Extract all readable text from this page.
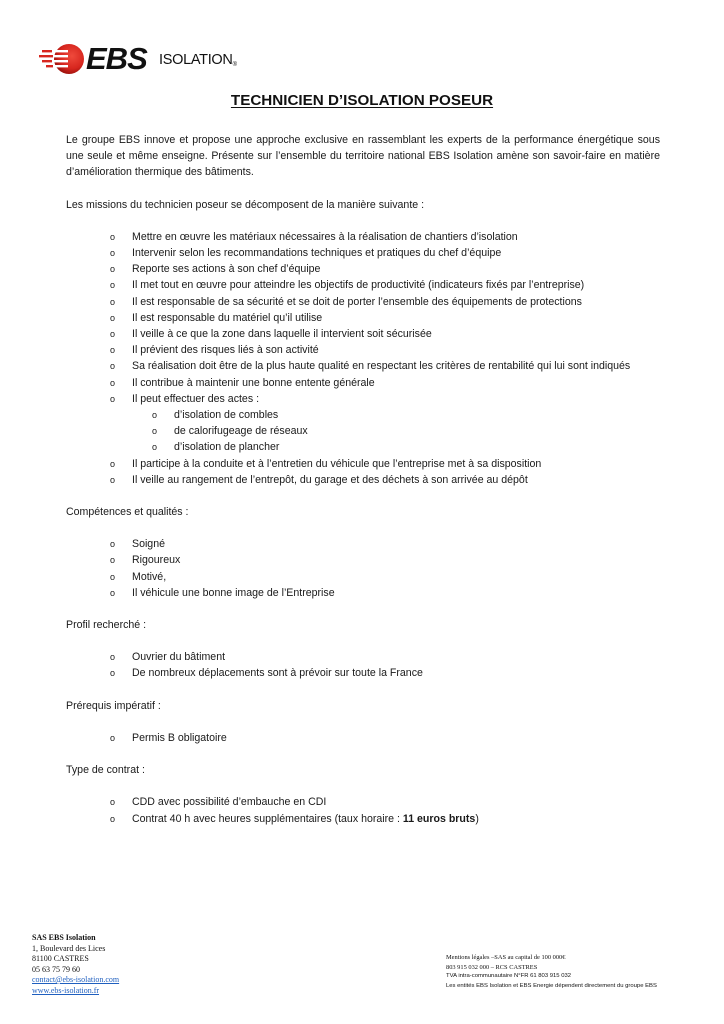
EBS ISOLATION®
TECHNICIEN D’ISOLATION POSEUR

Le groupe EBS innove et propose une approche exclusive en rassemblant les experts de la performance énergétique sous une seule et même enseigne. Présente sur l’ensemble du territoire national EBS Isolation amène son savoir-faire en matière d’amélioration thermique des bâtiments.

Les missions du technicien poseur se décomposent de la manière suivante :

o Mettre en œuvre les matériaux nécessaires à la réalisation de chantiers d’isolation
o Intervenir selon les recommandations techniques et pratiques du chef d’équipe
o Reporte ses actions à son chef d’équipe
o Il met tout en œuvre pour atteindre les objectifs de productivité (indicateurs fixés par l’entreprise)
o Il est responsable de sa sécurité et se doit de porter l’ensemble des équipements de protections
o Il est responsable du matériel qu’il utilise
o Il veille à ce que la zone dans laquelle il intervient soit sécurisée
o Il prévient des risques liés à son activité
o Sa réalisation doit être de la plus haute qualité en respectant les critères de rentabilité qui lui sont indiqués
o Il contribue à maintenir une bonne entente générale
o Il peut effectuer des actes :
o d’isolation de combles
o de calorifugeage de réseaux
o d’isolation de plancher
o Il participe à la conduite et à l’entretien du véhicule que l’entreprise met à sa disposition
o Il veille au rangement de l’entrepôt, du garage et des déchets à son arrivée au dépôt

Compétences et qualités :

o Soigné
o Rigoureux
o Motivé,
o Il véhicule une bonne image de l’Entreprise

Profil recherché :

o Ouvrier du bâtiment
o De nombreux déplacements sont à prévoir sur toute la France

Prérequis impératif :

o Permis B obligatoire

Type de contrat :

o CDD avec possibilité d’embauche en CDI
o Contrat 40 h avec heures supplémentaires (taux horaire : 11 euros bruts)
SAS EBS Isolation
1, Boulevard des Lices
81100 CASTRES
05 63 75 79 60
contact@ebs-isolation.com
www.ebs-isolation.fr
Mentions légales –SAS au capital de 100 000€
803 915 032 000 – RCS CASTRES
TVA intra-communautaire N°FR 61 803 915 032
Les entités EBS Isolation et EBS Energie dépendent directement du groupe EBS
